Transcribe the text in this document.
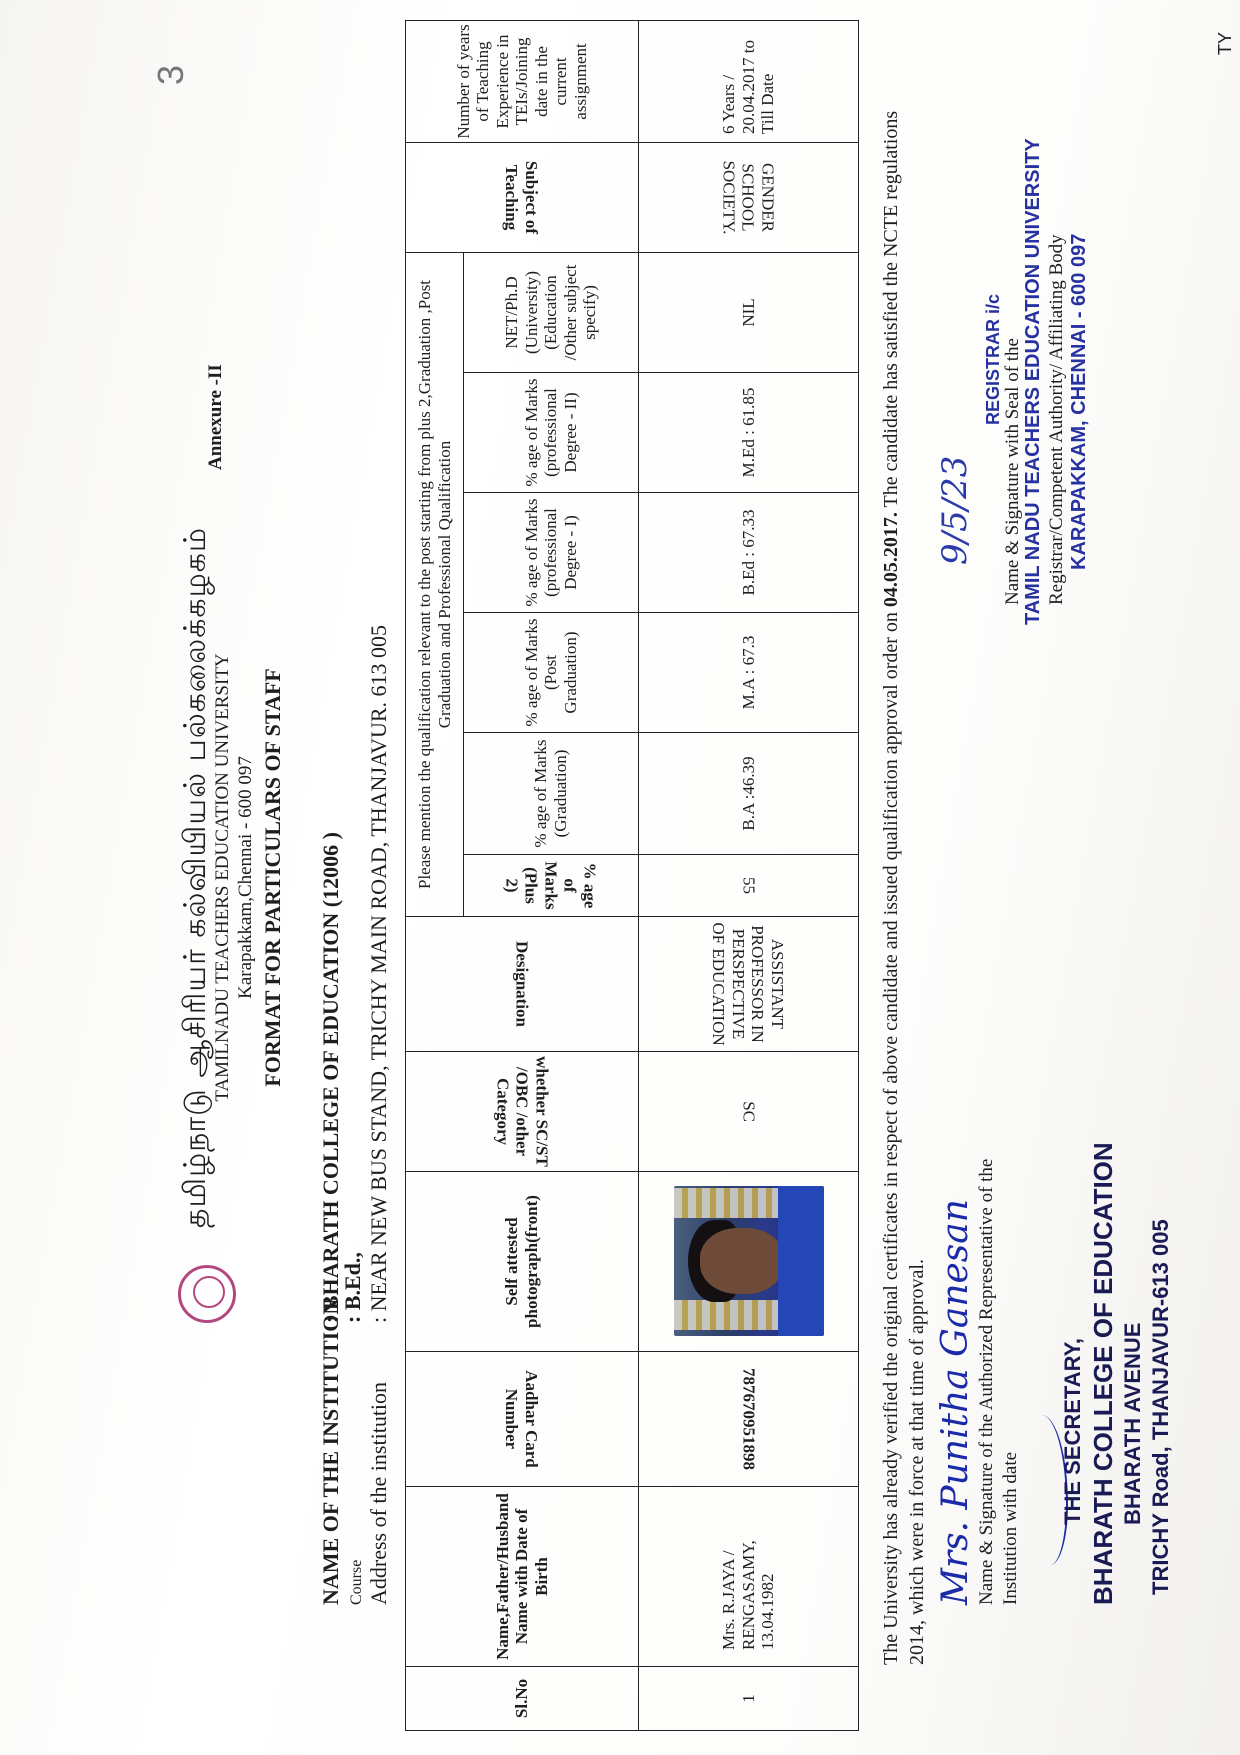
தமிழ்நாடு ஆசிரியர் கல்வியியல் பல்கலைக்கழகம் TAMILNADU TEACHERS EDUCATION UNIVERSITY Karapakkam,Chennai - 600 097 FORMAT FOR PARTICULARS OF STAFF
Annexure -II
NAME OF THE INSTITUTION
: BHARATH COLLEGE OF EDUCATION (12006 )
Course
: B.Ed.,
Address of the institution
: NEAR NEW BUS STAND, TRICHY MAIN ROAD, THANJAVUR. 613 005
Sl.No	Name,Father/Husband Name with Date of Birth	Aadhar Card Number	Self attested photograph(front)	whether SC/ST /OBC /other Category	Designation	Please mention the qualification relevant to the post starting from plus 2,Graduation ,Post Graduation and Professional Qualification						Subject of Teaching	Number of years of Teaching Experience in TEIs/Joining date in the current assignment
						% age of Marks (Plus 2)	% age of Marks (Graduation)	% age of Marks (Post Graduation)	% age of Marks (professional Degree - I)	% age of Marks (professional Degree - II)	NET/Ph.D (University) (Education /Other subject specify)		
1	Mrs. R.JAYA / RENGASAMY, 13.04.1982	787670951898		SC	ASSISTANT PROFESSOR IN PERSPECTIVE OF EDUCATION	55	B.A :46.39	M.A : 67.3	B.Ed : 67.33	M.Ed : 61.85	NIL	GENDER SCHOOL SOCIETY.	6 Years / 20.04.2017 to Till Date
The University has already verified the original certificates in respect of above candidate and issued qualification approval order on 04.05.2017. The candidate has satisfied the NCTE regulations 2014, which were in force at that time of approval. Mrs. Punitha Ganesan Name & Signature of the Authorized Representative of the Institution with date
THE SECRETARY, BHARATH COLLEGE OF EDUCATION BHARATH AVENUE TRICHY Road, THANJAVUR-613 005
9/5/23
REGISTRAR i/c Name & Signature with Seal of the TAMIL NADU TEACHERS EDUCATION UNIVERSITY Registrar/Competent Authority/ Affiliating Body KARAPAKKAM, CHENNAI - 600 097
3
TY
